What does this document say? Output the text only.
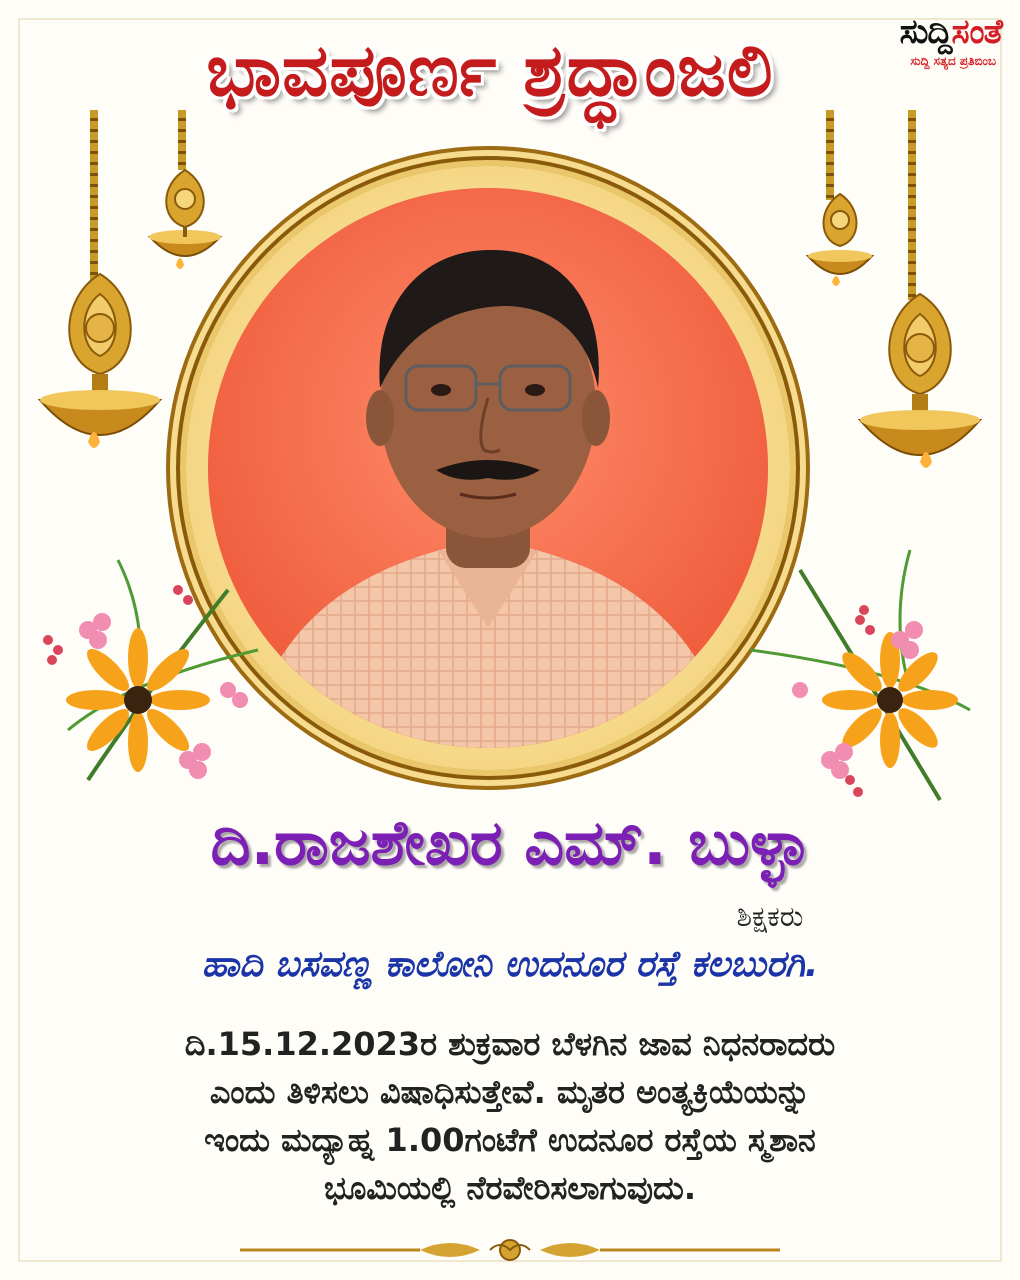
ಸುದ್ದಿಸಂತೆ
ಸುದ್ದಿ ಸತ್ಯದ ಪ್ರತಿಬಿಂಬ
ಭಾವಪೂರ್ಣ ಶ್ರದ್ಧಾಂಜಲಿ
ದಿ.ರಾಜಶೇಖರ ಎಮ್. ಬುಳ್ಳಾ
ಶಿಕ್ಷಕರು
ಹಾದಿ ಬಸವಣ್ಣ ಕಾಲೋನಿ ಉದನೂರ ರಸ್ತೆ ಕಲಬುರಗಿ.
ದಿ.15.12.2023ರ ಶುಕ್ರವಾರ ಬೆಳಗಿನ ಜಾವ ನಿಧನರಾದರು
ಎಂದು ತಿಳಿಸಲು ವಿಷಾಧಿಸುತ್ತೇವೆ. ಮೃತರ ಅಂತ್ಯಕ್ರಿಯೆಯನ್ನು
ಇಂದು ಮದ್ಯಾಹ್ನ 1.00ಗಂಟೆಗೆ ಉದನೂರ ರಸ್ತೆಯ ಸ್ಮಶಾನ
ಭೂಮಿಯಲ್ಲಿ ನೆರವೇರಿಸಲಾಗುವುದು.
